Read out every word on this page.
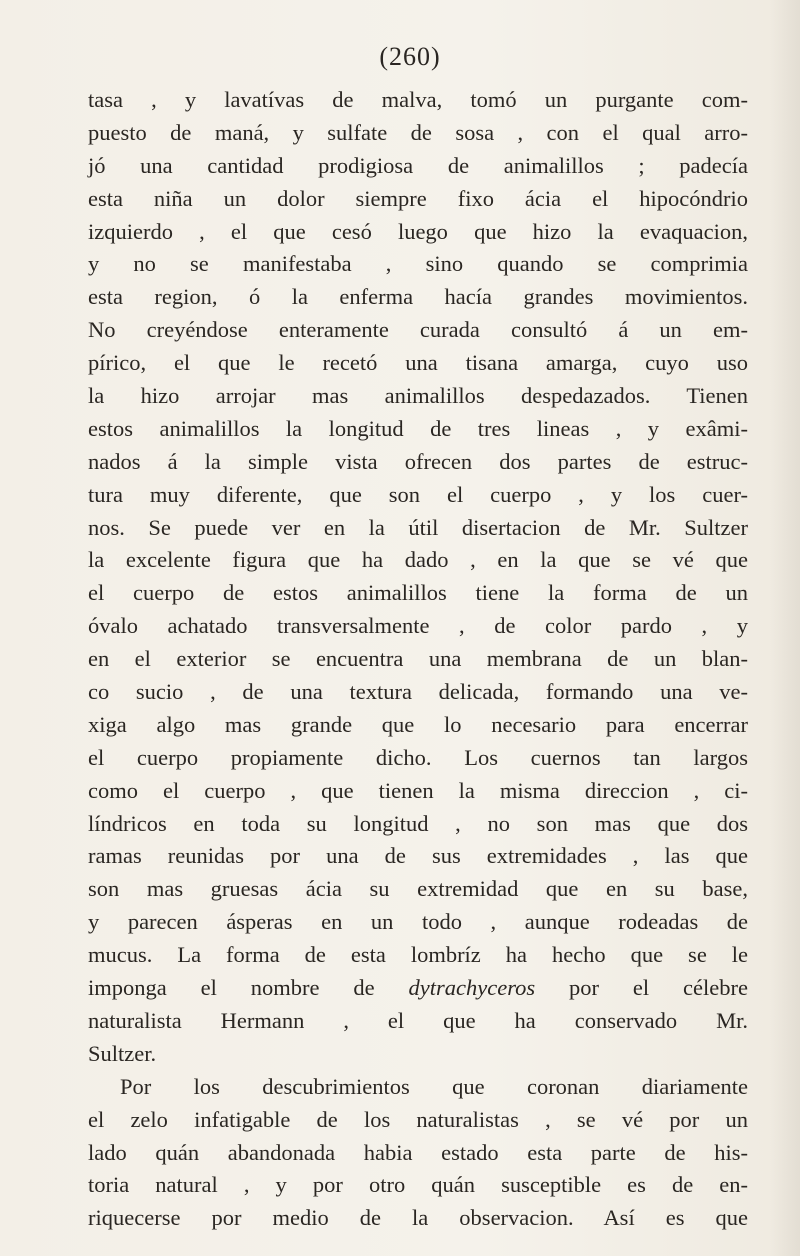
(260)
tasa , y lavatívas de malva, tomó un purgante com-
puesto de maná, y sulfate de sosa , con el qual arro-
jó una cantidad prodigiosa de animalillos ; padecía
esta niña un dolor siempre fixo ácia el hipocóndrio
izquierdo , el que cesó luego que hizo la evaquacion,
y no se manifestaba , sino quando se comprimia
esta region, ó la enferma hacía grandes movimientos.
No creyéndose enteramente curada consultó á un em-
pírico, el que le recetó una tisana amarga, cuyo uso
la hizo arrojar mas animalillos despedazados. Tienen
estos animalillos la longitud de tres lineas , y exâmi-
nados á la simple vista ofrecen dos partes de estruc-
tura muy diferente, que son el cuerpo , y los cuer-
nos. Se puede ver en la útil disertacion de Mr. Sultzer
la excelente figura que ha dado , en la que se vé que
el cuerpo de estos animalillos tiene la forma de un
óvalo achatado transversalmente , de color pardo , y
en el exterior se encuentra una membrana de un blan-
co sucio , de una textura delicada, formando una ve-
xiga algo mas grande que lo necesario para encerrar
el cuerpo propiamente dicho. Los cuernos tan largos
como el cuerpo , que tienen la misma direccion , ci-
líndricos en toda su longitud , no son mas que dos
ramas reunidas por una de sus extremidades , las que
son mas gruesas ácia su extremidad que en su base,
y parecen ásperas en un todo , aunque rodeadas de
mucus. La forma de esta lombríz ha hecho que se le
imponga el nombre de dytrachyceros por el célebre
naturalista Hermann , el que ha conservado Mr.
Sultzer.
Por los descubrimientos que coronan diariamente
el zelo infatigable de los naturalistas , se vé por un
lado quán abandonada habia estado esta parte de his-
toria natural , y por otro quán susceptible es de en-
riquecerse por medio de la observacion. Así es que
